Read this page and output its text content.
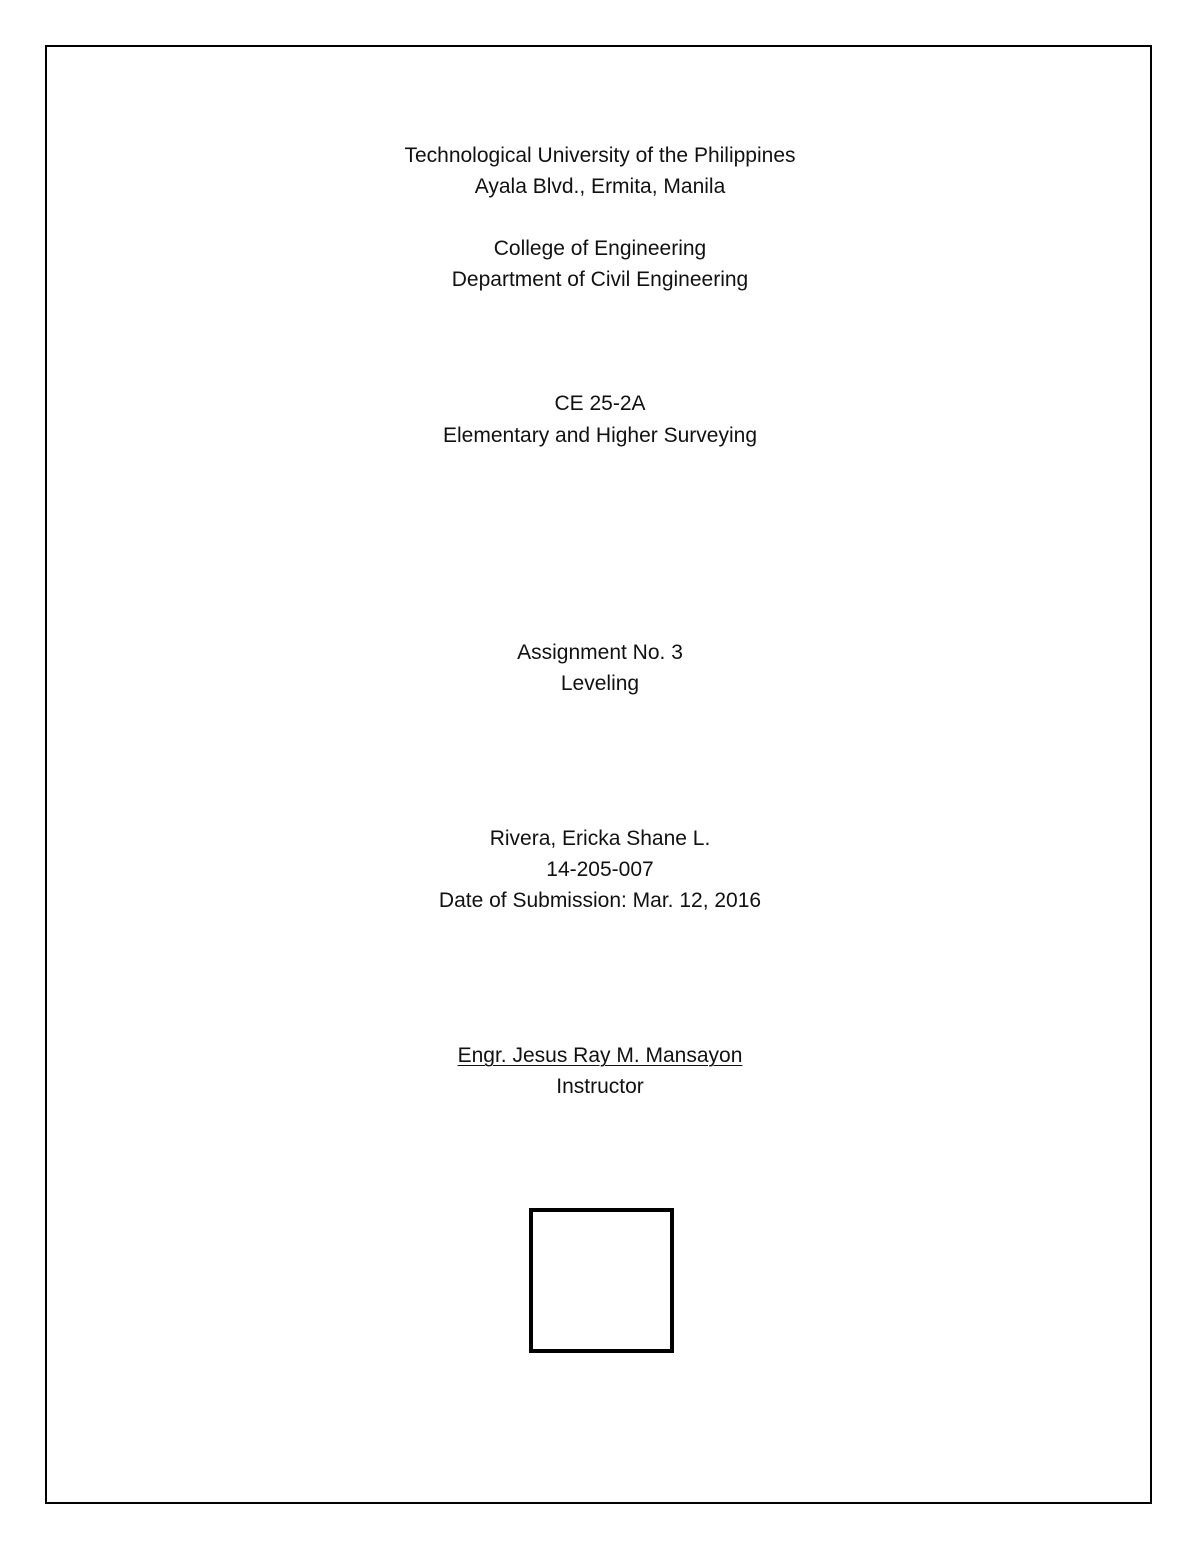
Technological University of the Philippines
Ayala Blvd., Ermita, Manila
College of Engineering
Department of Civil Engineering
CE 25-2A
Elementary and Higher Surveying
Assignment No. 3
Leveling
Rivera, Ericka Shane L.
14-205-007
Date of Submission: Mar. 12, 2016
Engr. Jesus Ray M. Mansayon
Instructor
